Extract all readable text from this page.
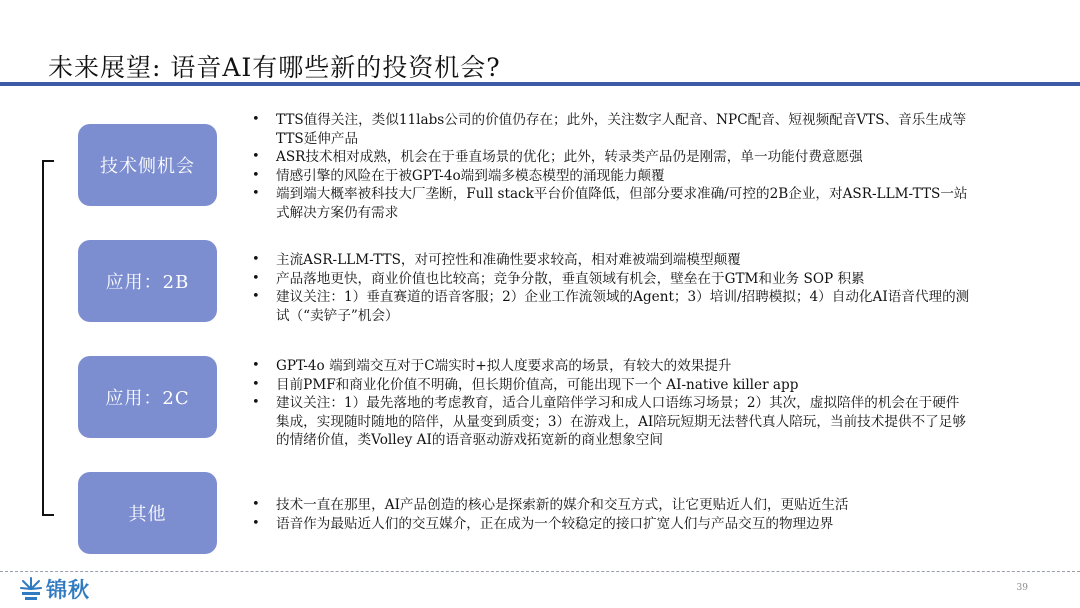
未来展望: 语音AI有哪些新的投资机会?
技术侧机会
应用：2B
应用：2C
其他
• TTS值得关注，类似11labs公司的价值仍存在；此外，关注数字人配音、NPC配音、短视频配音VTS、音乐生成等TTS延伸产品
• ASR技术相对成熟，机会在于垂直场景的优化；此外，转录类产品仍是刚需，单一功能付费意愿强
• 情感引擎的风险在于被GPT-4o端到端多模态模型的涌现能力颠覆
• 端到端大概率被科技大厂垄断，Full stack平台价值降低，但部分要求准确/可控的2B企业，对ASR-LLM-TTS一站式解决方案仍有需求
• 主流ASR-LLM-TTS，对可控性和准确性要求较高，相对难被端到端模型颠覆
• 产品落地更快，商业价值也比较高；竞争分散，垂直领域有机会，壁垒在于GTM和业务 SOP 积累
• 建议关注：1）垂直赛道的语音客服；2）企业工作流领域的Agent；3）培训/招聘模拟；4）自动化AI语音代理的测试（“卖铲子”机会）
• GPT-4o 端到端交互对于C端实时+拟人度要求高的场景，有较大的效果提升
• 目前PMF和商业化价值不明确，但长期价值高，可能出现下一个 AI-native killer app
• 建议关注：1）最先落地的考虑教育，适合儿童陪伴学习和成人口语练习场景；2）其次，虚拟陪伴的机会在于硬件集成，实现随时随地的陪伴，从量变到质变；3）在游戏上，AI陪玩短期无法替代真人陪玩，当前技术提供不了足够的情绪价值，类Volley AI的语音驱动游戏拓宽新的商业想象空间
• 技术一直在那里，AI产品创造的核心是探索新的媒介和交互方式，让它更贴近人们，更贴近生活
• 语音作为最贴近人们的交互媒介，正在成为一个较稳定的接口扩宽人们与产品交互的物理边界
锦秋	39
